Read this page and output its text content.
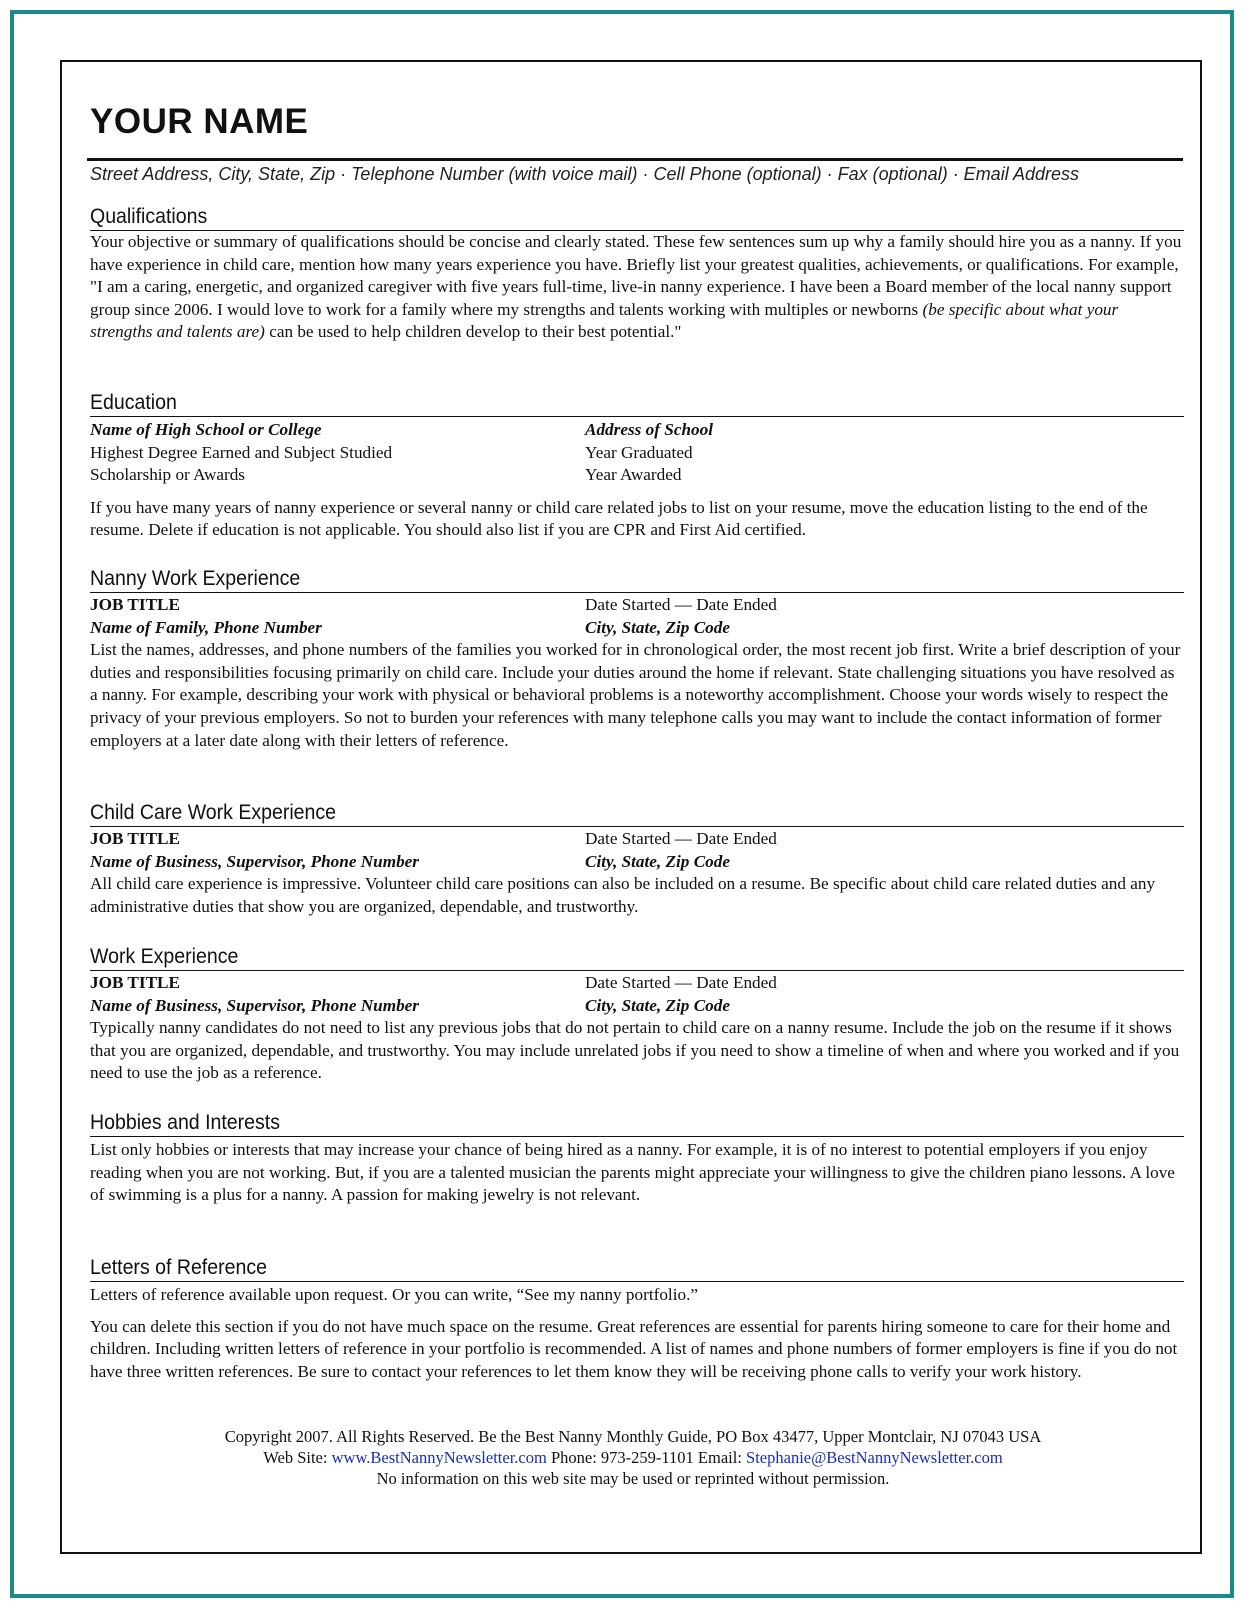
YOUR NAME
Street Address, City, State, Zip · Telephone Number (with voice mail) · Cell Phone (optional) · Fax (optional) · Email Address
Qualifications

Your objective or summary of qualifications should be concise and clearly stated. These few sentences sum up why a family should hire you as a nanny. If you have experience in child care, mention how many years experience you have. Briefly list your greatest qualities, achievements, or qualifications. For example, "I am a caring, energetic, and organized caregiver with five years full-time, live-in nanny experience. I have been a Board member of the local nanny support group since 2006. I would love to work for a family where my strengths and talents working with multiples or newborns (be specific about what your strengths and talents are) can be used to help children develop to their best potential."

Education
Name of High School or College	Address of School
Highest Degree Earned and Subject Studied	Year Graduated
Scholarship or Awards	Year Awarded

If you have many years of nanny experience or several nanny or child care related jobs to list on your resume, move the education listing to the end of the resume. Delete if education is not applicable. You should also list if you are CPR and First Aid certified.

Nanny Work Experience
JOB TITLE	Date Started — Date Ended
Name of Family, Phone Number	City, State, Zip Code

List the names, addresses, and phone numbers of the families you worked for in chronological order, the most recent job first. Write a brief description of your duties and responsibilities focusing primarily on child care. Include your duties around the home if relevant. State challenging situations you have resolved as a nanny. For example, describing your work with physical or behavioral problems is a noteworthy accomplishment. Choose your words wisely to respect the privacy of your previous employers. So not to burden your references with many telephone calls you may want to include the contact information of former employers at a later date along with their letters of reference.

Child Care Work Experience
JOB TITLE	Date Started — Date Ended
Name of Business, Supervisor, Phone Number	City, State, Zip Code

All child care experience is impressive. Volunteer child care positions can also be included on a resume. Be specific about child care related duties and any administrative duties that show you are organized, dependable, and trustworthy.

Work Experience
JOB TITLE	Date Started — Date Ended
Name of Business, Supervisor, Phone Number	City, State, Zip Code

Typically nanny candidates do not need to list any previous jobs that do not pertain to child care on a nanny resume. Include the job on the resume if it shows that you are organized, dependable, and trustworthy. You may include unrelated jobs if you need to show a timeline of when and where you worked and if you need to use the job as a reference.

Hobbies and Interests

List only hobbies or interests that may increase your chance of being hired as a nanny. For example, it is of no interest to potential employers if you enjoy reading when you are not working. But, if you are a talented musician the parents might appreciate your willingness to give the children piano lessons. A love of swimming is a plus for a nanny. A passion for making jewelry is not relevant.

Letters of Reference

Letters of reference available upon request. Or you can write, “See my nanny portfolio.”

You can delete this section if you do not have much space on the resume. Great references are essential for parents hiring someone to care for their home and children. Including written letters of reference in your portfolio is recommended. A list of names and phone numbers of former employers is fine if you do not have three written references. Be sure to contact your references to let them know they will be receiving phone calls to verify your work history.

Copyright 2007. All Rights Reserved. Be the Best Nanny Monthly Guide, PO Box 43477, Upper Montclair, NJ 07043 USA
Web Site: www.BestNannyNewsletter.com Phone: 973-259-1101 Email: Stephanie@BestNannyNewsletter.com
No information on this web site may be used or reprinted without permission.
